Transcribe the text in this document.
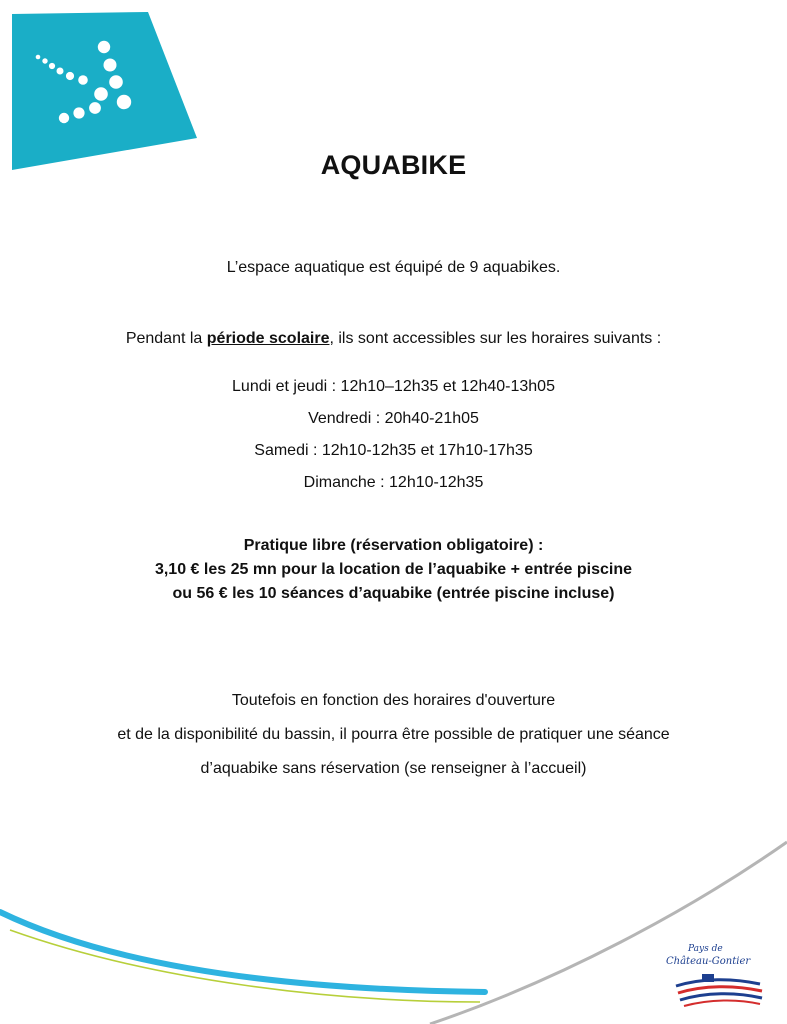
AQUABIKE
L’espace aquatique est équipé de 9 aquabikes.
Pendant la période scolaire, ils sont accessibles sur les horaires suivants :
Lundi et jeudi : 12h10–12h35 et 12h40-13h05
Vendredi : 20h40-21h05
Samedi : 12h10-12h35 et 17h10-17h35
Dimanche : 12h10-12h35
Pratique libre (réservation obligatoire) :
3,10 € les 25 mn pour la location de l’aquabike + entrée piscine
ou 56 € les 10 séances d’aquabike (entrée piscine incluse)
Toutefois en fonction des horaires d'ouverture
et de la disponibilité du bassin, il pourra être possible de pratiquer une séance
d’aquabike sans réservation (se renseigner à l’accueil)
Pays de
Château-Gontier
